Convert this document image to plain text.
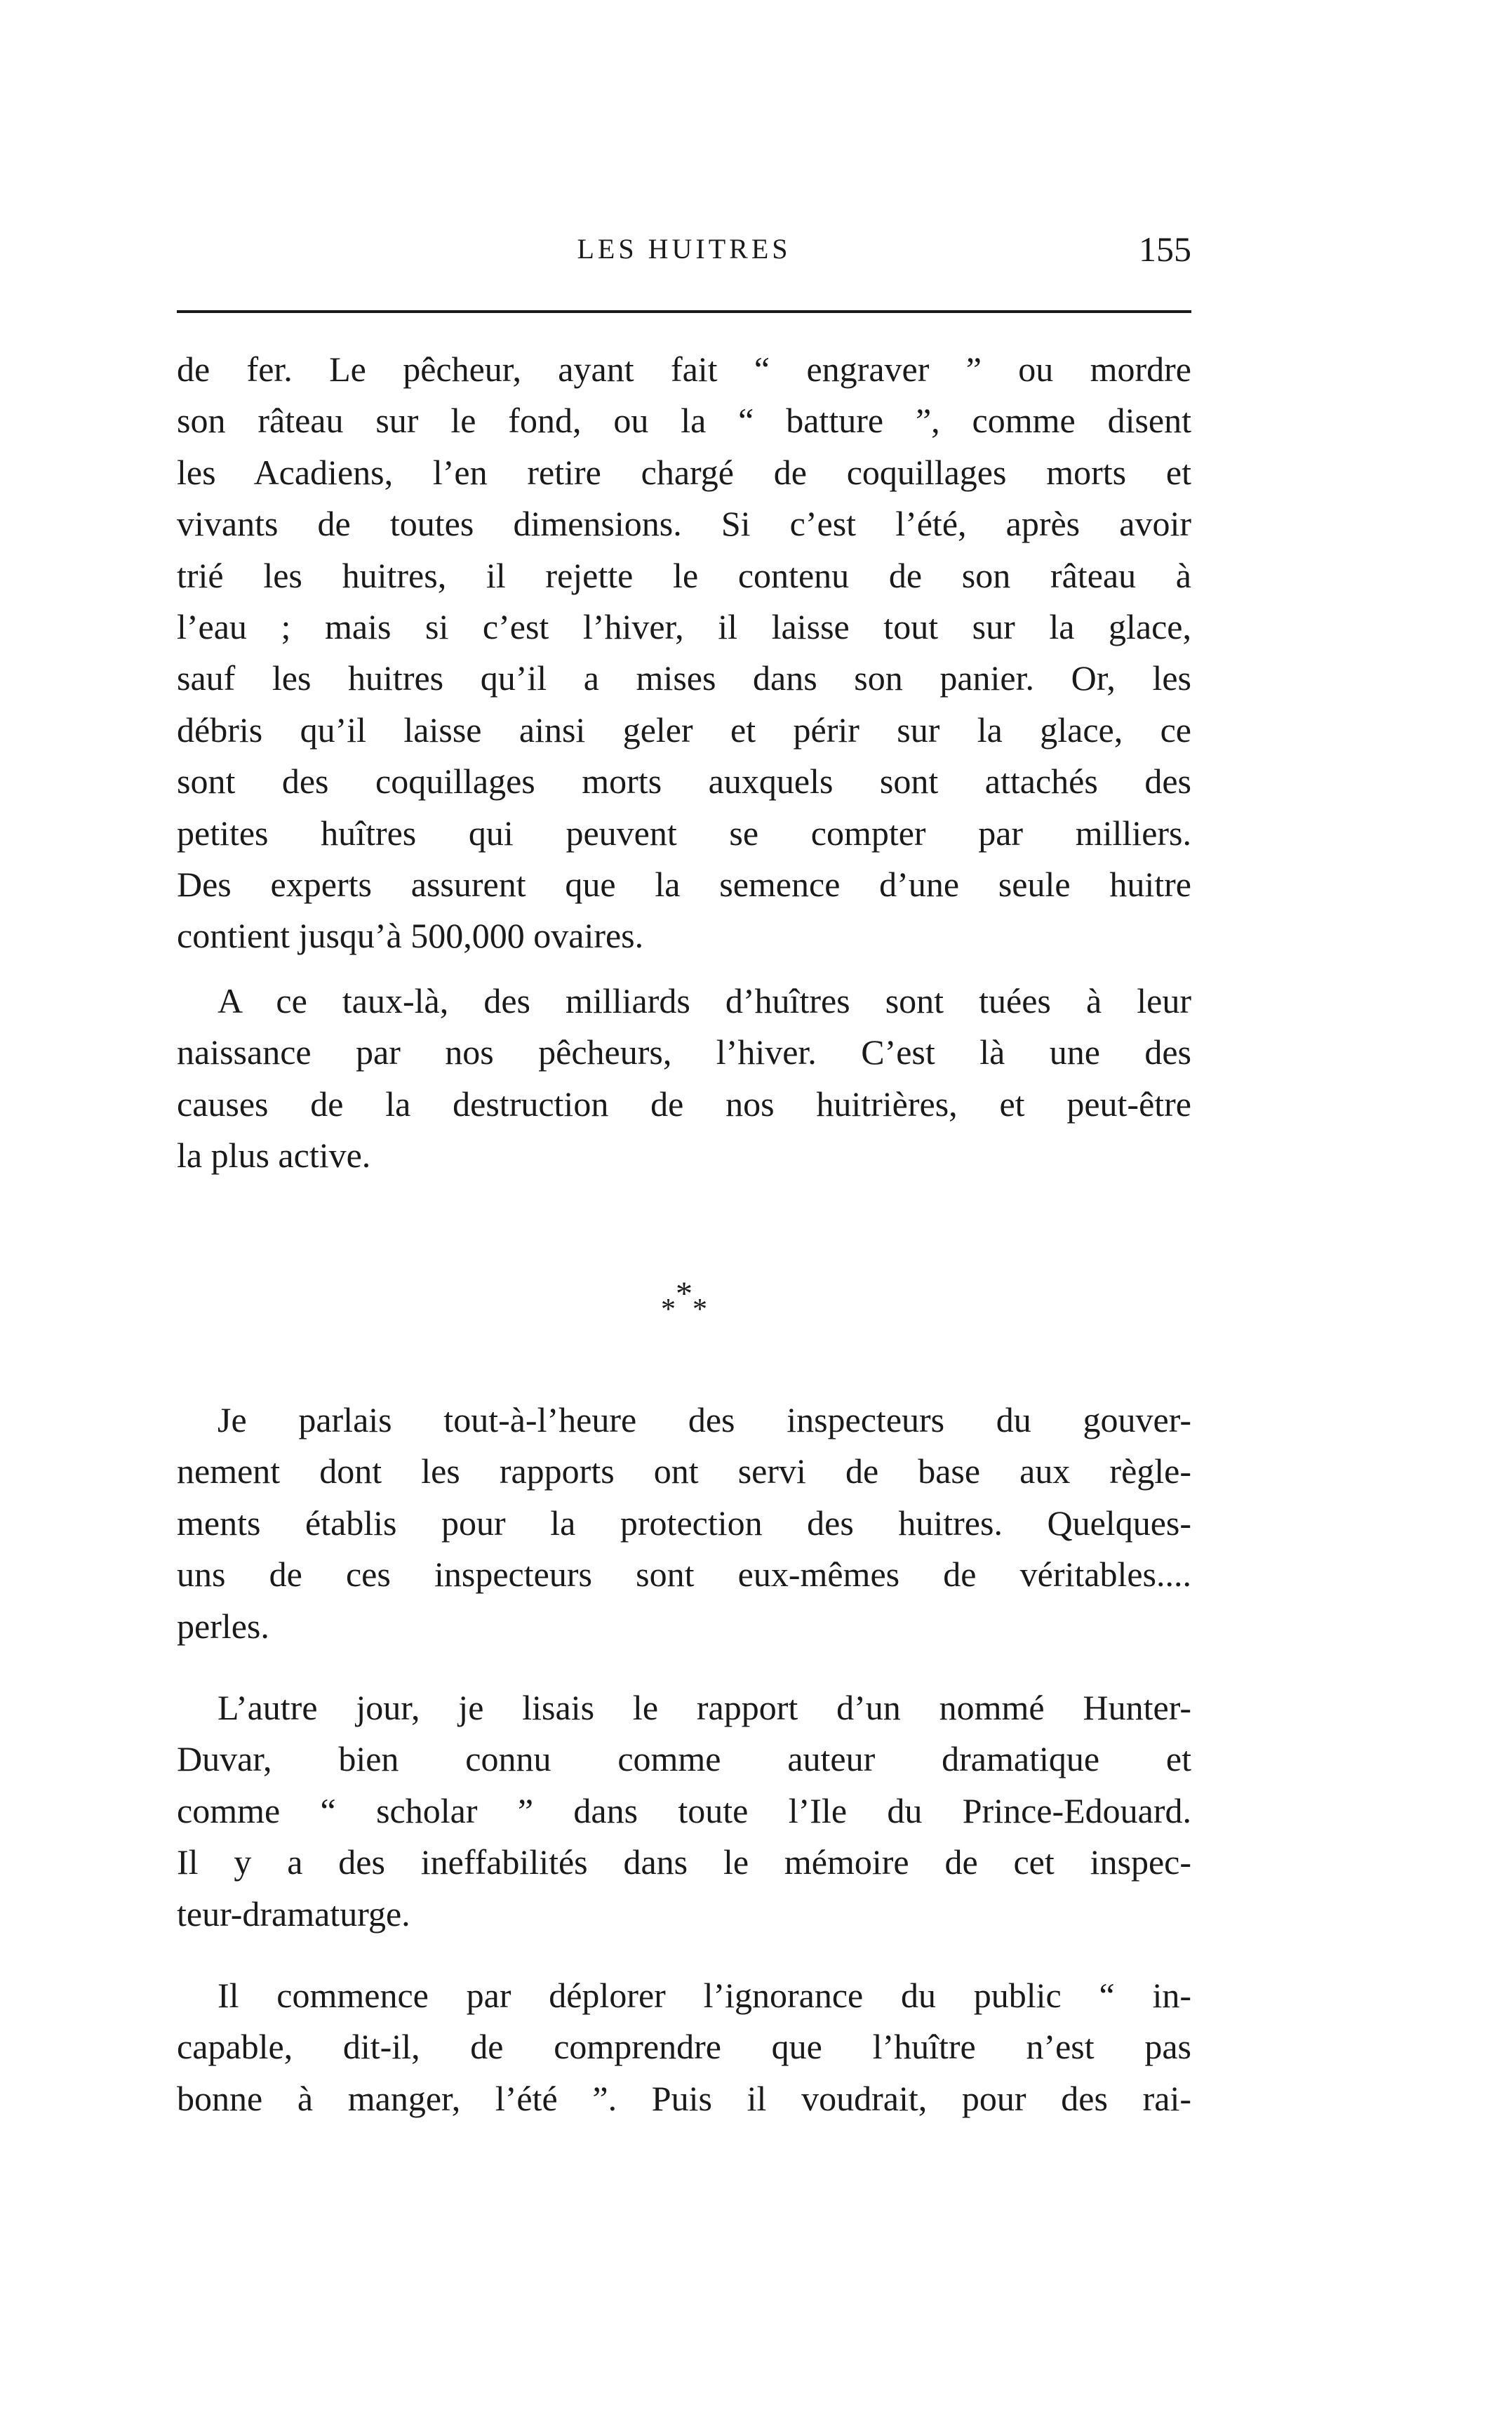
LES HUITRES	155
de fer. Le pêcheur, ayant fait “ engraver ” ou mordre
son râteau sur le fond, ou la “ batture ”, comme disent
les Acadiens, l’en retire chargé de coquillages morts et
vivants de toutes dimensions. Si c’est l’été, après avoir
trié les huitres, il rejette le contenu de son râteau à
l’eau ; mais si c’est l’hiver, il laisse tout sur la glace,
sauf les huitres qu’il a mises dans son panier. Or, les
débris qu’il laisse ainsi geler et périr sur la glace, ce
sont des coquillages morts auxquels sont attachés des
petites huîtres qui peuvent se compter par milliers.
Des experts assurent que la semence d’une seule huitre
contient jusqu’à 500,000 ovaires.
A ce taux-là, des milliards d’huîtres sont tuées à leur
naissance par nos pêcheurs, l’hiver. C’est là une des
causes de la destruction de nos huitrières, et peut-être
la plus active.
$_**_*$
Je parlais tout-à-l’heure des inspecteurs du gouver-
nement dont les rapports ont servi de base aux règle-
ments établis pour la protection des huitres. Quelques-
uns de ces inspecteurs sont eux-mêmes de véritables....
perles.
L’autre jour, je lisais le rapport d’un nommé Hunter-
Duvar, bien connu comme auteur dramatique et
comme “ scholar ” dans toute l’Ile du Prince-Edouard.
Il y a des ineffabilités dans le mémoire de cet inspec-
teur-dramaturge.
Il commence par déplorer l’ignorance du public “ in-
capable, dit-il, de comprendre que l’huître n’est pas
bonne à manger, l’été ”. Puis il voudrait, pour des rai-
